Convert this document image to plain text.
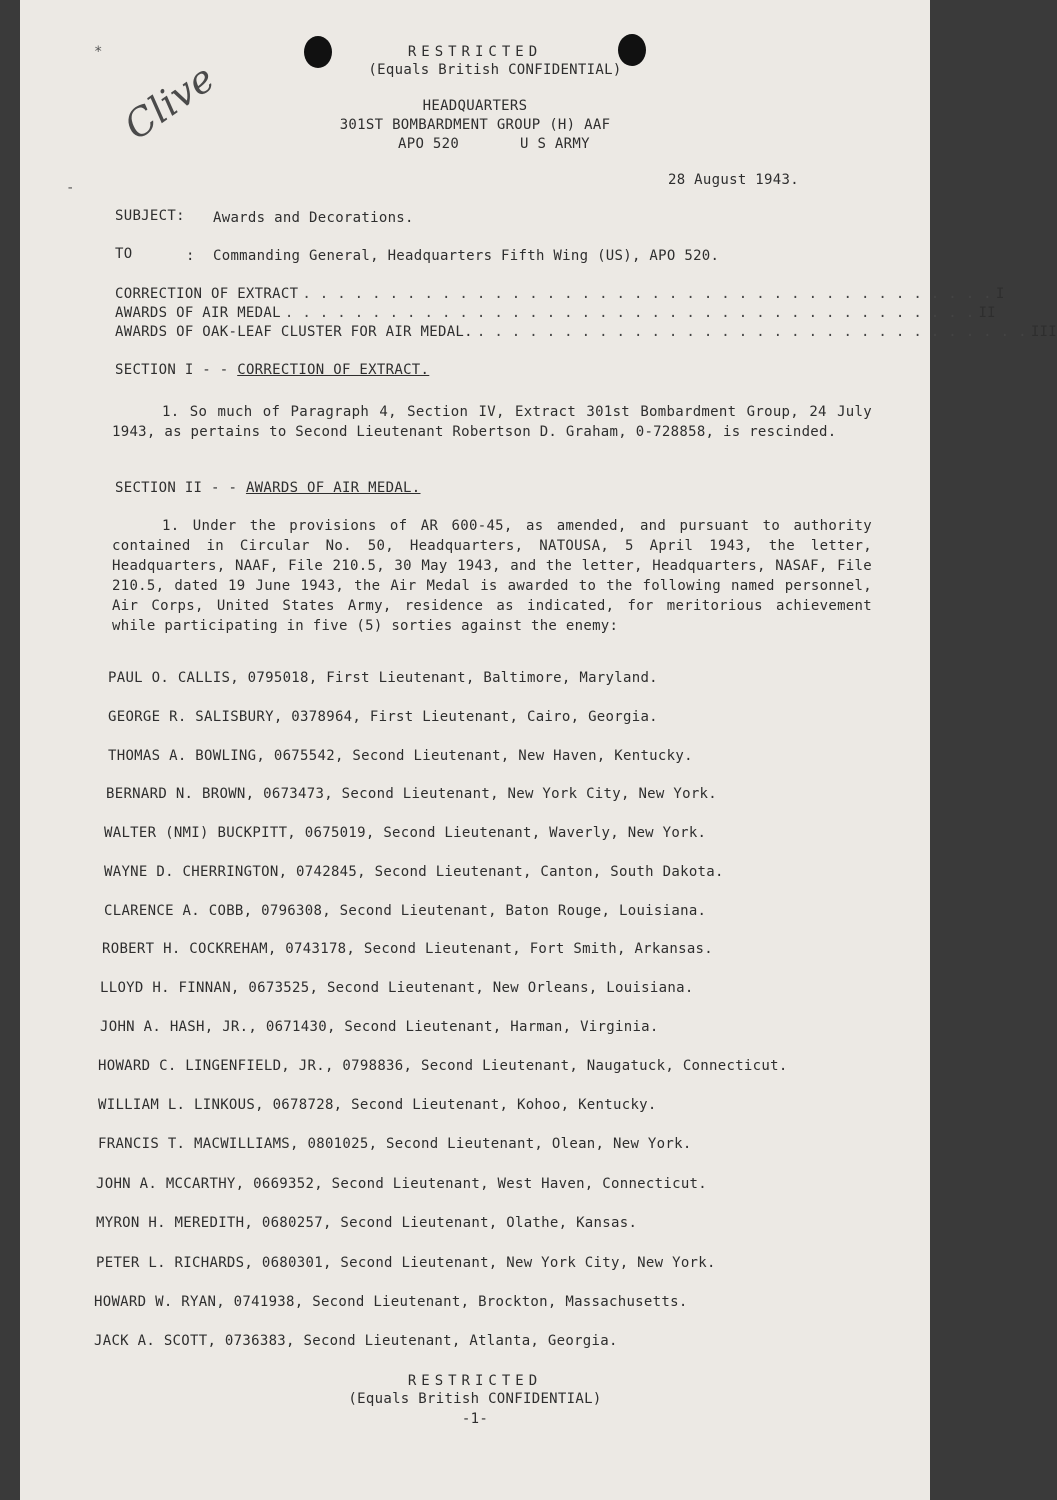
*
-
RESTRICTED
(Equals British CONFIDENTIAL)
Clive	HEADQUARTERS
301ST BOMBARDMENT GROUP (H) AAF
APO 520	U S ARMY
28 August 1943.
SUBJECT: Awards and Decorations.
TO	: Commanding General, Headquarters Fifth Wing (US), APO 520.
CORRECTION OF EXTRACT . . . . . . . . . . . . . . . . . . . . . . . . . . . . . . . . . . . . . . . . I
AWARDS OF AIR MEDAL . . . . . . . . . . . . . . . . . . . . . . . . . . . . . . . . . . . . . . . . II
AWARDS OF OAK-LEAF CLUSTER FOR AIR MEDAL. . . . . . . . . . . . . . . . . . . . . . . . . . . . . . . . . III
SECTION I - - CORRECTION OF EXTRACT.
1. So much of Paragraph 4, Section IV, Extract 301st Bombardment Group, 24 July 1943, as pertains to Second Lieutenant Robertson D. Graham, 0-728858, is rescinded.
SECTION II - - AWARDS OF AIR MEDAL.
1. Under the provisions of AR 600-45, as amended, and pursuant to authority contained in Circular No. 50, Headquarters, NATOUSA, 5 April 1943, the letter, Headquarters, NAAF, File 210.5, 30 May 1943, and the letter, Headquarters, NASAF, File 210.5, dated 19 June 1943, the Air Medal is awarded to the following named personnel, Air Corps, United States Army, residence as indicated, for meritorious achievement while participating in five (5) sorties against the enemy:
PAUL O. CALLIS, 0795018, First Lieutenant, Baltimore, Maryland.
GEORGE R. SALISBURY, 0378964, First Lieutenant, Cairo, Georgia.
THOMAS A. BOWLING, 0675542, Second Lieutenant, New Haven, Kentucky.
BERNARD N. BROWN, 0673473, Second Lieutenant, New York City, New York.
WALTER (NMI) BUCKPITT, 0675019, Second Lieutenant, Waverly, New York.
WAYNE D. CHERRINGTON, 0742845, Second Lieutenant, Canton, South Dakota.
CLARENCE A. COBB, 0796308, Second Lieutenant, Baton Rouge, Louisiana.
ROBERT H. COCKREHAM, 0743178, Second Lieutenant, Fort Smith, Arkansas.
LLOYD H. FINNAN, 0673525, Second Lieutenant, New Orleans, Louisiana.
JOHN A. HASH, JR., 0671430, Second Lieutenant, Harman, Virginia.
HOWARD C. LINGENFIELD, JR., 0798836, Second Lieutenant, Naugatuck, Connecticut.
WILLIAM L. LINKOUS, 0678728, Second Lieutenant, Kohoo, Kentucky.
FRANCIS T. MACWILLIAMS, 0801025, Second Lieutenant, Olean, New York.
JOHN A. MCCARTHY, 0669352, Second Lieutenant, West Haven, Connecticut.
MYRON H. MEREDITH, 0680257, Second Lieutenant, Olathe, Kansas.
PETER L. RICHARDS, 0680301, Second Lieutenant, New York City, New York.
HOWARD W. RYAN, 0741938, Second Lieutenant, Brockton, Massachusetts.
JACK A. SCOTT, 0736383, Second Lieutenant, Atlanta, Georgia.
RESTRICTED
(Equals British CONFIDENTIAL)
-1-
